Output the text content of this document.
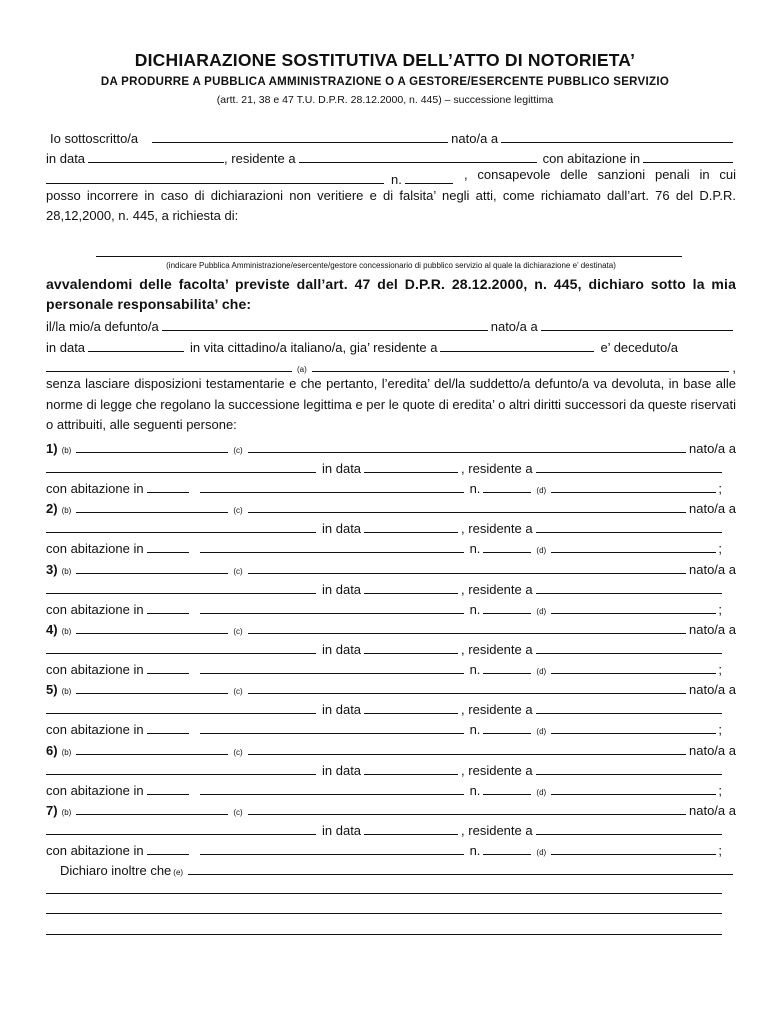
DICHIARAZIONE SOSTITUTIVA DELL’ATTO DI NOTORIETA’
DA PRODURRE A PUBBLICA AMMINISTRAZIONE O A GESTORE/ESERCENTE PUBBLICO SERVIZIO
(artt. 21, 38 e 47 T.U. D.P.R. 28.12.2000, n. 445) – successione legittima
Io sottoscritto/a	nato/a a
in data	, residente a	con abitazione in
n.	, consapevole delle sanzioni penali in cui posso incorrere in caso di dichiarazioni non veritiere e di falsita’ negli atti, come richiamato dall’art. 76 del D.P.R. 28,12,2000, n. 445, a richiesta di:
(indicare Pubblica Amministrazione/esercente/gestore concessionario di pubblico servizio al quale la dichiarazione e’ destinata)
avvalendomi delle facolta’ previste dall’art. 47 del D.P.R. 28.12.2000, n. 445, dichiaro sotto la mia personale responsabilita’ che:
il/la mio/a defunto/a	nato/a a
in data	in vita cittadino/a italiano/a, gia’ residente a	e’ deceduto/a
(a)	,
senza lasciare disposizioni testamentarie e che pertanto, l’eredita’ del/la suddetto/a defunto/a va devoluta, in base alle norme di legge che regolano la successione legittima e per le quote di eredita’ o altri diritti successori da queste riservati o attribuiti, alle seguenti persone:
1) (b)	(c)	nato/a a
in data	, residente a
con abitazione in	n.	(d)	;
2) (b)	(c)	nato/a a
in data	, residente a
con abitazione in	n.	(d)	;
3) (b)	(c)	nato/a a
in data	, residente a
con abitazione in	n.	(d)	;
4) (b)	(c)	nato/a a
in data	, residente a
con abitazione in	n.	(d)	;
5) (b)	(c)	nato/a a
in data	, residente a
con abitazione in	n.	(d)	;
6) (b)	(c)	nato/a a
in data	, residente a
con abitazione in	n.	(d)	;
7) (b)	(c)	nato/a a
in data	, residente a
con abitazione in	n.	(d)	;
Dichiaro inoltre che (e)
